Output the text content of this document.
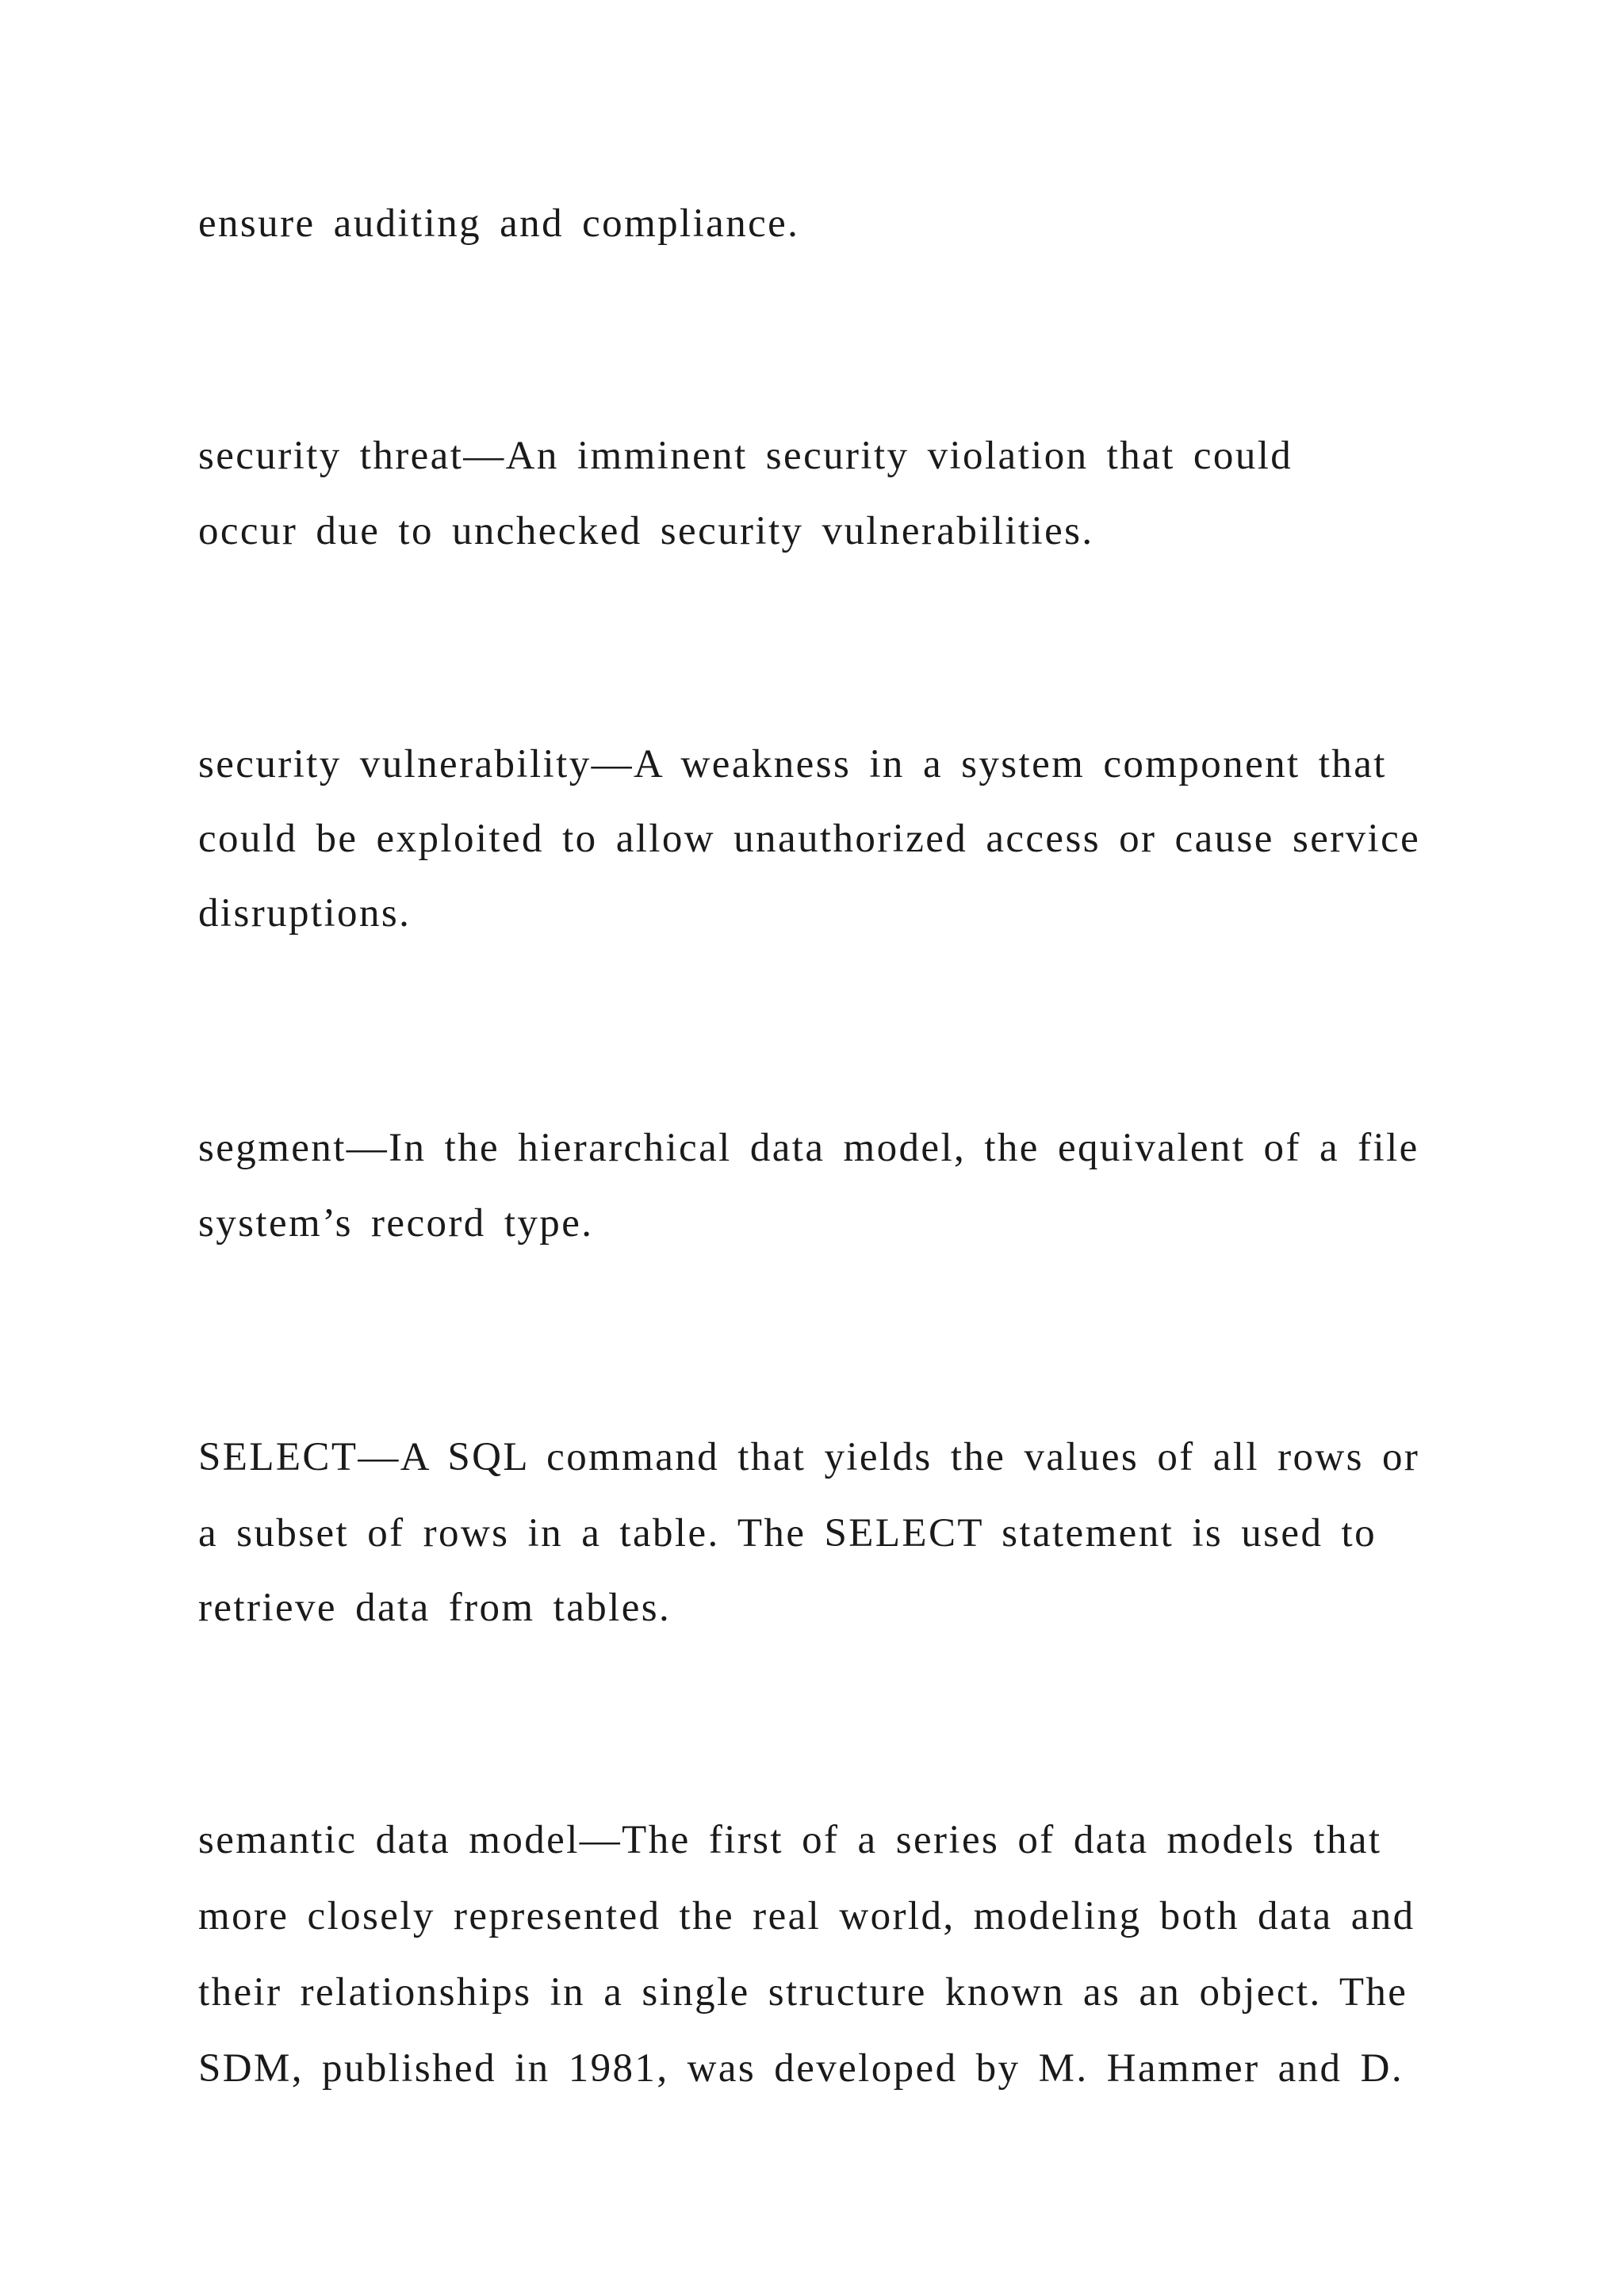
ensure auditing and compliance.

security threat—An imminent security violation that could

occur due to unchecked security vulnerabilities.

security vulnerability—A weakness in a system component that

could be exploited to allow unauthorized access or cause service

disruptions.

segment—In the hierarchical data model, the equivalent of a file

system’s record type.

SELECT—A SQL command that yields the values of all rows or

a subset of rows in a table. The SELECT statement is used to

retrieve data from tables.

semantic data model—The first of a series of data models that

more closely represented the real world, modeling both data and

their relationships in a single structure known as an object. The

SDM, published in 1981, was developed by M. Hammer and D.
